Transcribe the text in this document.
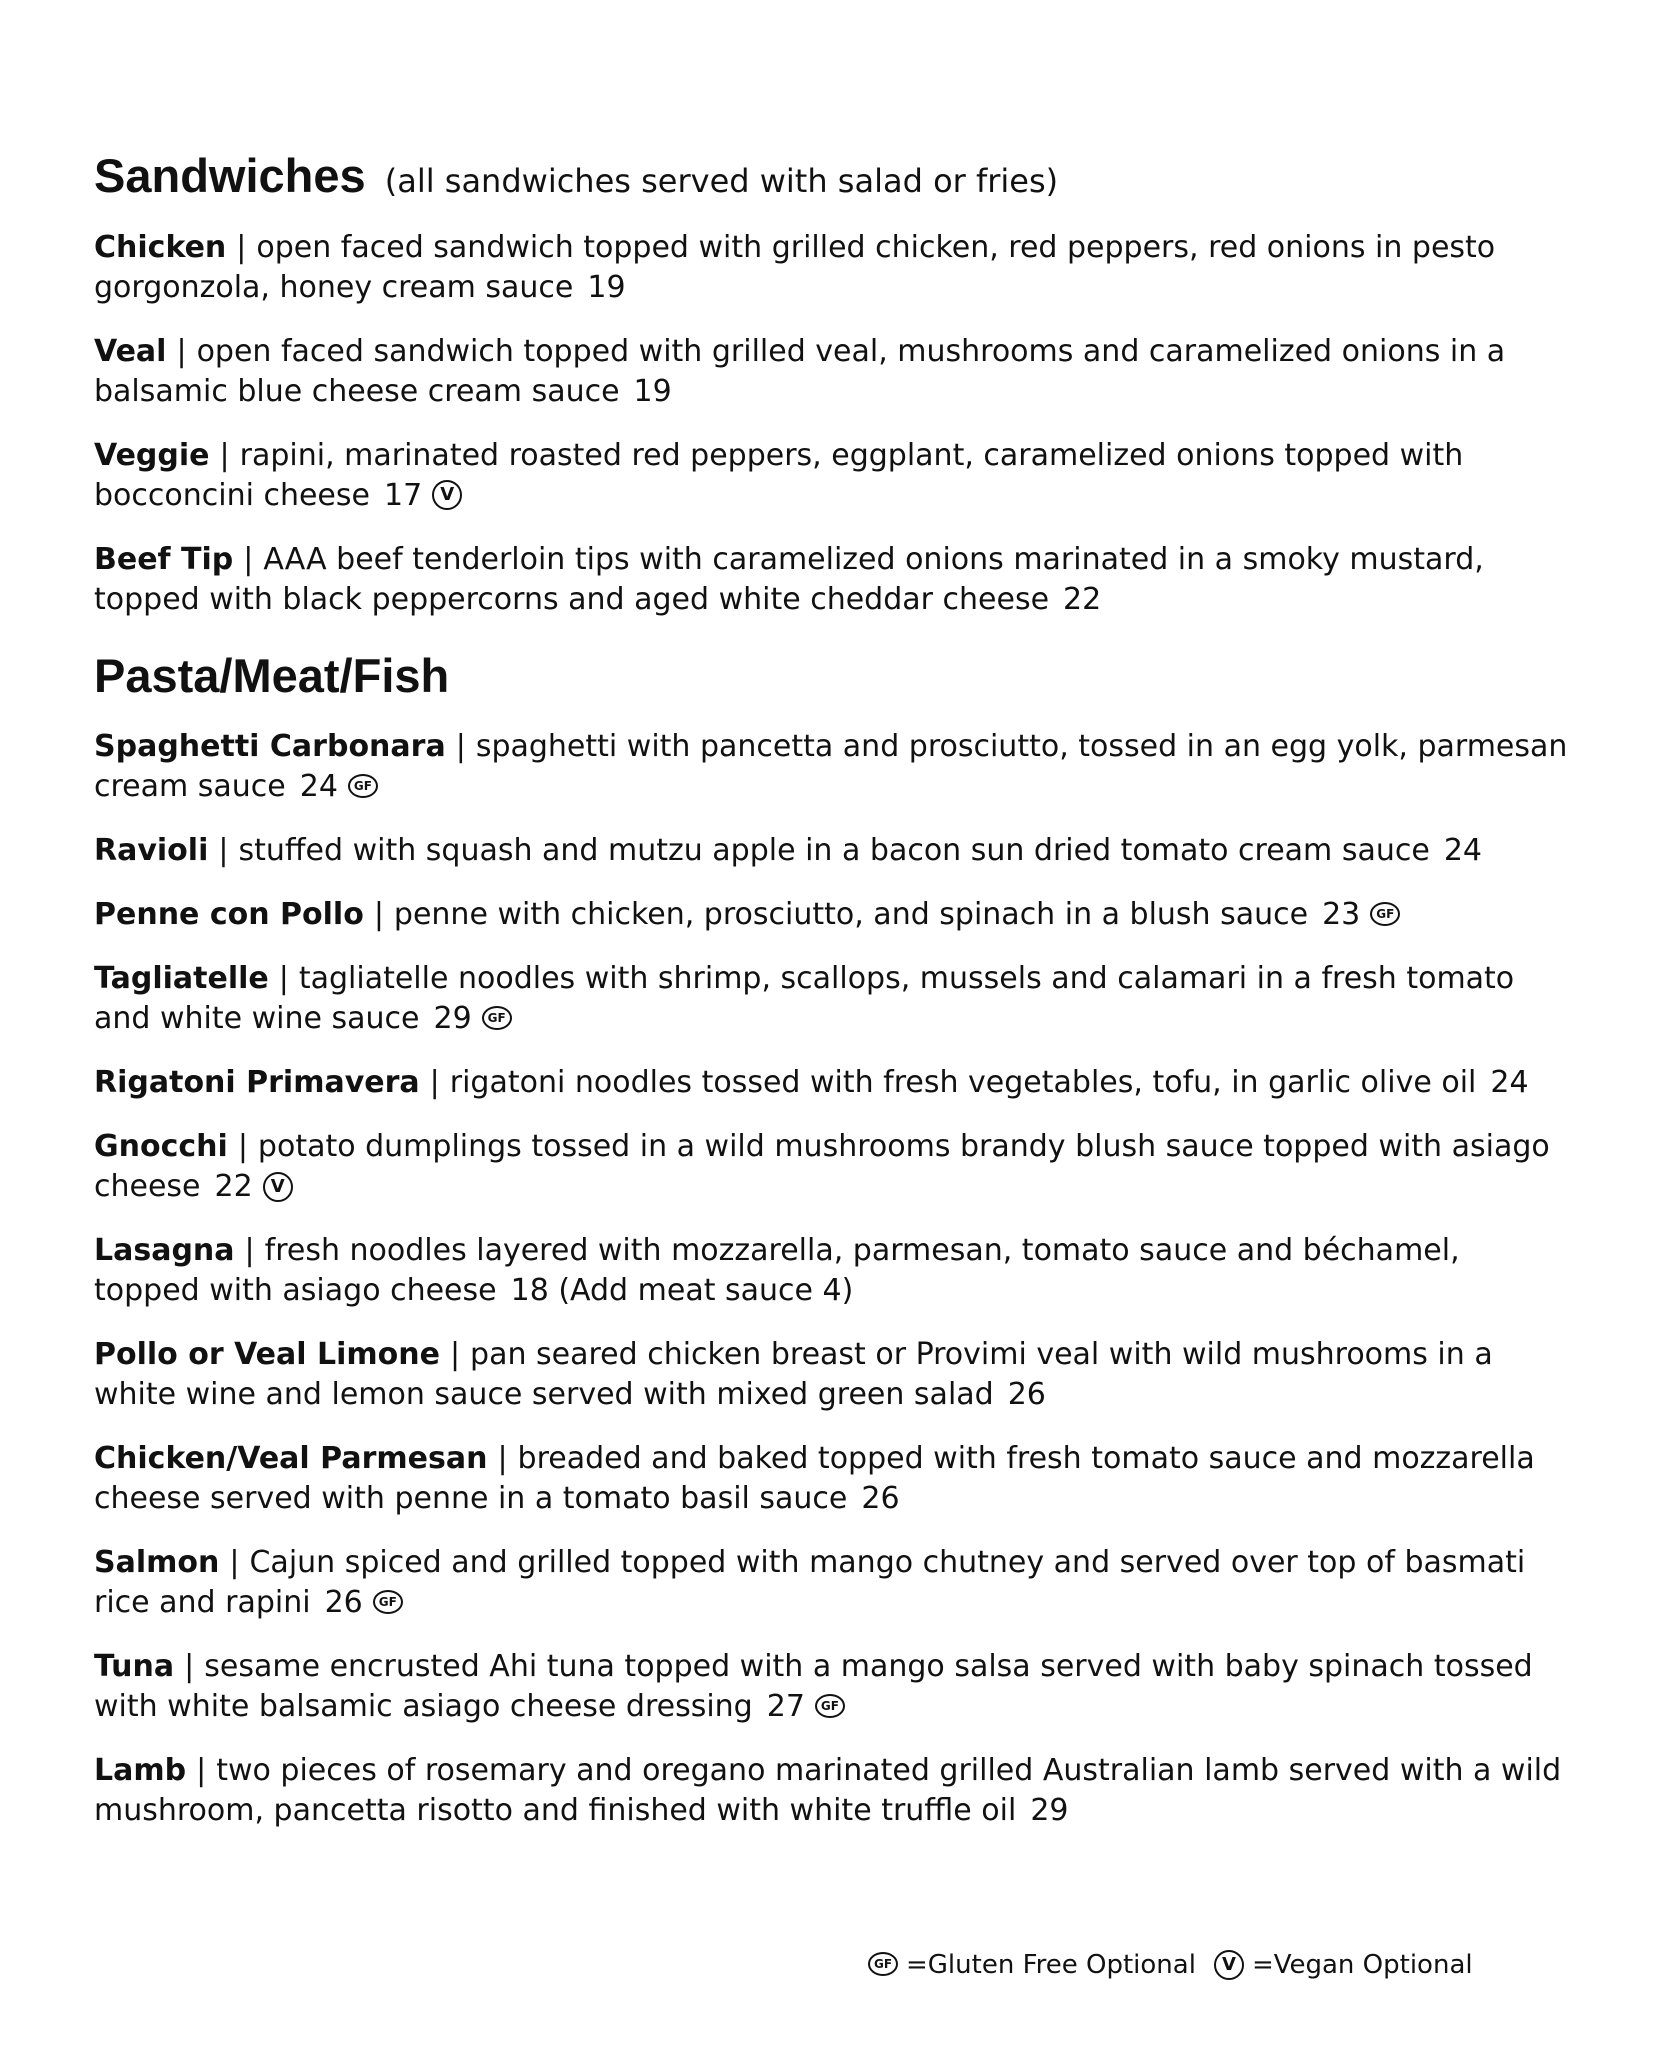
Sandwiches (all sandwiches served with salad or fries)

Chicken | open faced sandwich topped with grilled chicken, red peppers, red onions in pesto gorgonzola, honey cream sauce 19

Veal | open faced sandwich topped with grilled veal, mushrooms and caramelized onions in a balsamic blue cheese cream sauce 19

Veggie | rapini, marinated roasted red peppers, eggplant, caramelized onions topped with bocconcini cheese 17	V

Beef Tip | AAA beef tenderloin tips with caramelized onions marinated in a smoky mustard, topped with black peppercorns and aged white cheddar cheese 22

Pasta/Meat/Fish

Spaghetti Carbonara | spaghetti with pancetta and prosciutto, tossed in an egg yolk, parmesan cream sauce 24	GF

Ravioli | stuffed with squash and mutzu apple in a bacon sun dried tomato cream sauce 24

Penne con Pollo | penne with chicken, prosciutto, and spinach in a blush sauce 23	GF

Tagliatelle | tagliatelle noodles with shrimp, scallops, mussels and calamari in a fresh tomato and white wine sauce 29	GF

Rigatoni Primavera | rigatoni noodles tossed with fresh vegetables, tofu, in garlic olive oil 24

Gnocchi | potato dumplings tossed in a wild mushrooms brandy blush sauce topped with asiago cheese 22	V

Lasagna | fresh noodles layered with mozzarella, parmesan, tomato sauce and béchamel, topped with asiago cheese 18 (Add meat sauce 4)

Pollo or Veal Limone | pan seared chicken breast or Provimi veal with wild mushrooms in a white wine and lemon sauce served with mixed green salad 26

Chicken/Veal Parmesan | breaded and baked topped with fresh tomato sauce and mozzarella cheese served with penne in a tomato basil sauce 26

Salmon | Cajun spiced and grilled topped with mango chutney and served over top of basmati rice and rapini 26	GF

Tuna | sesame encrusted Ahi tuna topped with a mango salsa served with baby spinach tossed with white balsamic asiago cheese dressing 27	GF

Lamb | two pieces of rosemary and oregano marinated grilled Australian lamb served with a wild mushroom, pancetta risotto and finished with white truffle oil 29

GF =Gluten Free Optional	V =Vegan Optional
